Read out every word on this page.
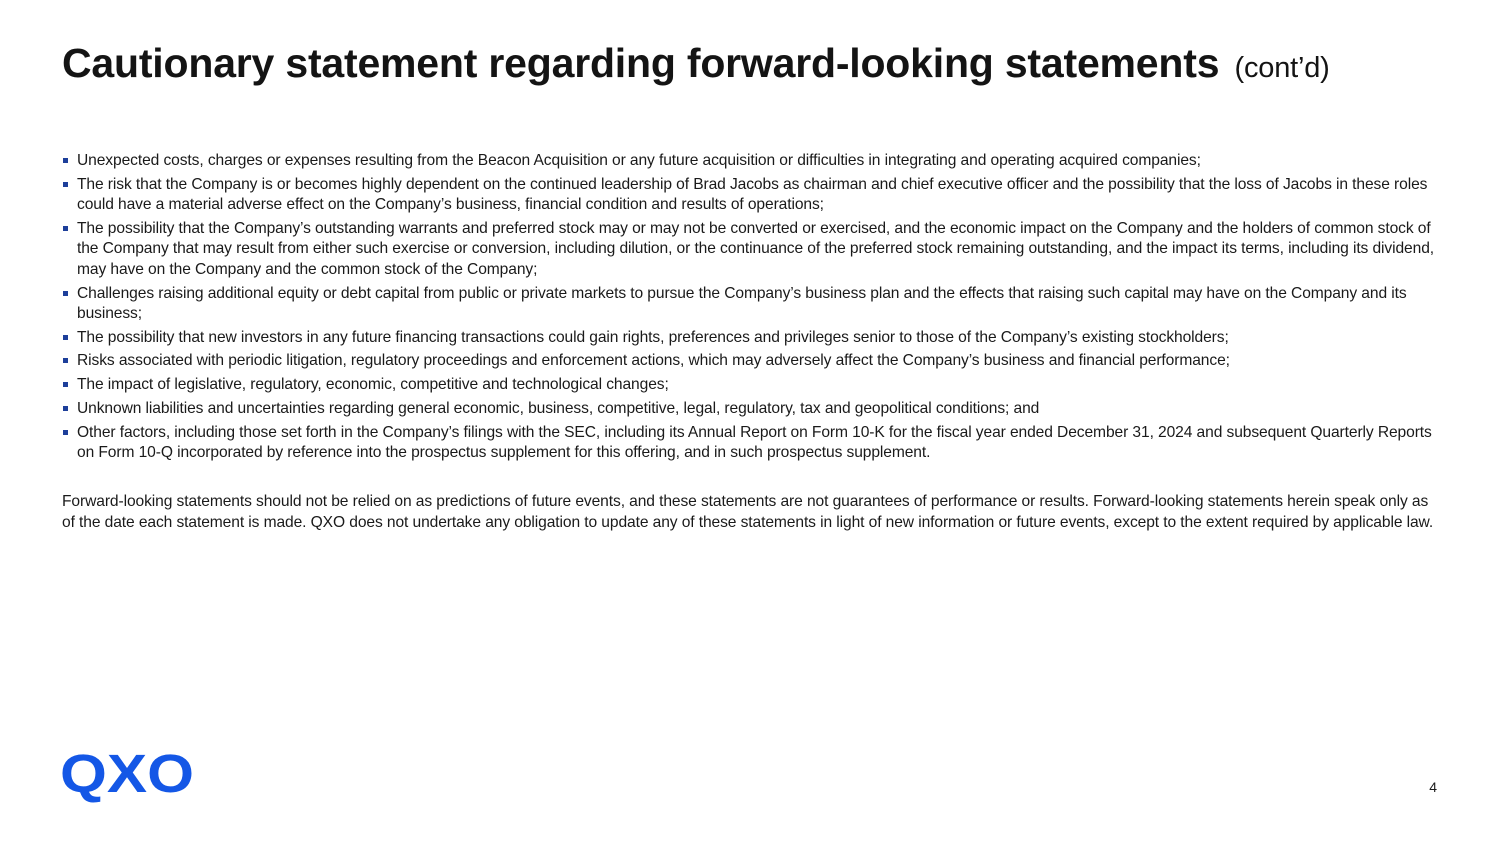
Cautionary statement regarding forward-looking statements (cont’d)
Unexpected costs, charges or expenses resulting from the Beacon Acquisition or any future acquisition or difficulties in integrating and operating acquired companies;
The risk that the Company is or becomes highly dependent on the continued leadership of Brad Jacobs as chairman and chief executive officer and the possibility that the loss of Jacobs in these roles could have a material adverse effect on the Company’s business, financial condition and results of operations;
The possibility that the Company’s outstanding warrants and preferred stock may or may not be converted or exercised, and the economic impact on the Company and the holders of common stock of the Company that may result from either such exercise or conversion, including dilution, or the continuance of the preferred stock remaining outstanding, and the impact its terms, including its dividend, may have on the Company and the common stock of the Company;
Challenges raising additional equity or debt capital from public or private markets to pursue the Company’s business plan and the effects that raising such capital may have on the Company and its business;
The possibility that new investors in any future financing transactions could gain rights, preferences and privileges senior to those of the Company’s existing stockholders;
Risks associated with periodic litigation, regulatory proceedings and enforcement actions, which may adversely affect the Company’s business and financial performance;
The impact of legislative, regulatory, economic, competitive and technological changes;
Unknown liabilities and uncertainties regarding general economic, business, competitive, legal, regulatory, tax and geopolitical conditions; and
Other factors, including those set forth in the Company’s filings with the SEC, including its Annual Report on Form 10-K for the fiscal year ended December 31, 2024 and subsequent Quarterly Reports on Form 10-Q incorporated by reference into the prospectus supplement for this offering, and in such prospectus supplement.

Forward-looking statements should not be relied on as predictions of future events, and these statements are not guarantees of performance or results. Forward-looking statements herein speak only as of the date each statement is made. QXO does not undertake any obligation to update any of these statements in light of new information or future events, except to the extent required by applicable law.

QXO	4
